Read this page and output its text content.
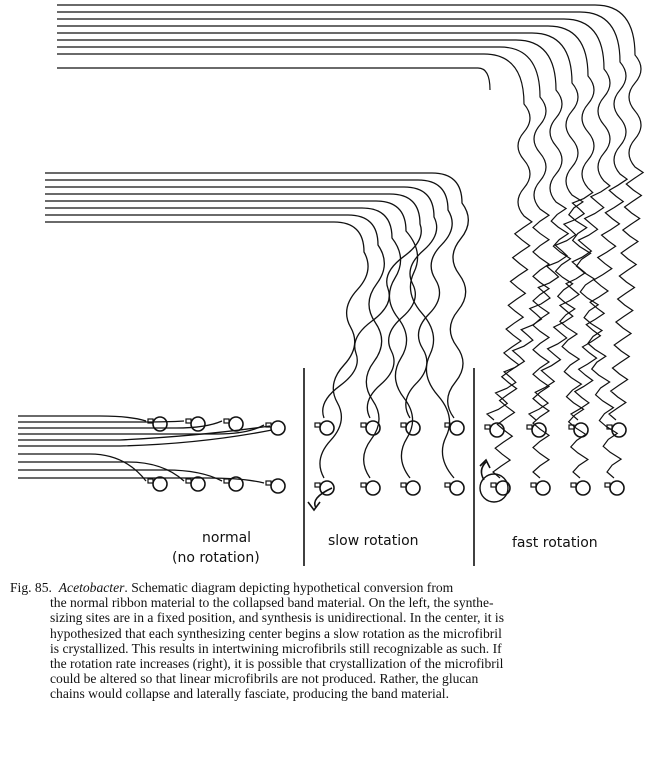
normal
(no rotation)
slow rotation	fast rotation
Fig. 85. Acetobacter. Schematic diagram depicting hypothetical conversion from
the normal ribbon material to the collapsed band material. On the left, the synthe-
sizing sites are in a fixed position, and synthesis is unidirectional. In the center, it is
hypothesized that each synthesizing center begins a slow rotation as the microfibril
is crystallized. This results in intertwining microfibrils still recognizable as such. If
the rotation rate increases (right), it is possible that crystallization of the microfibril
could be altered so that linear microfibrils are not produced. Rather, the glucan
chains would collapse and laterally fasciate, producing the band material.
